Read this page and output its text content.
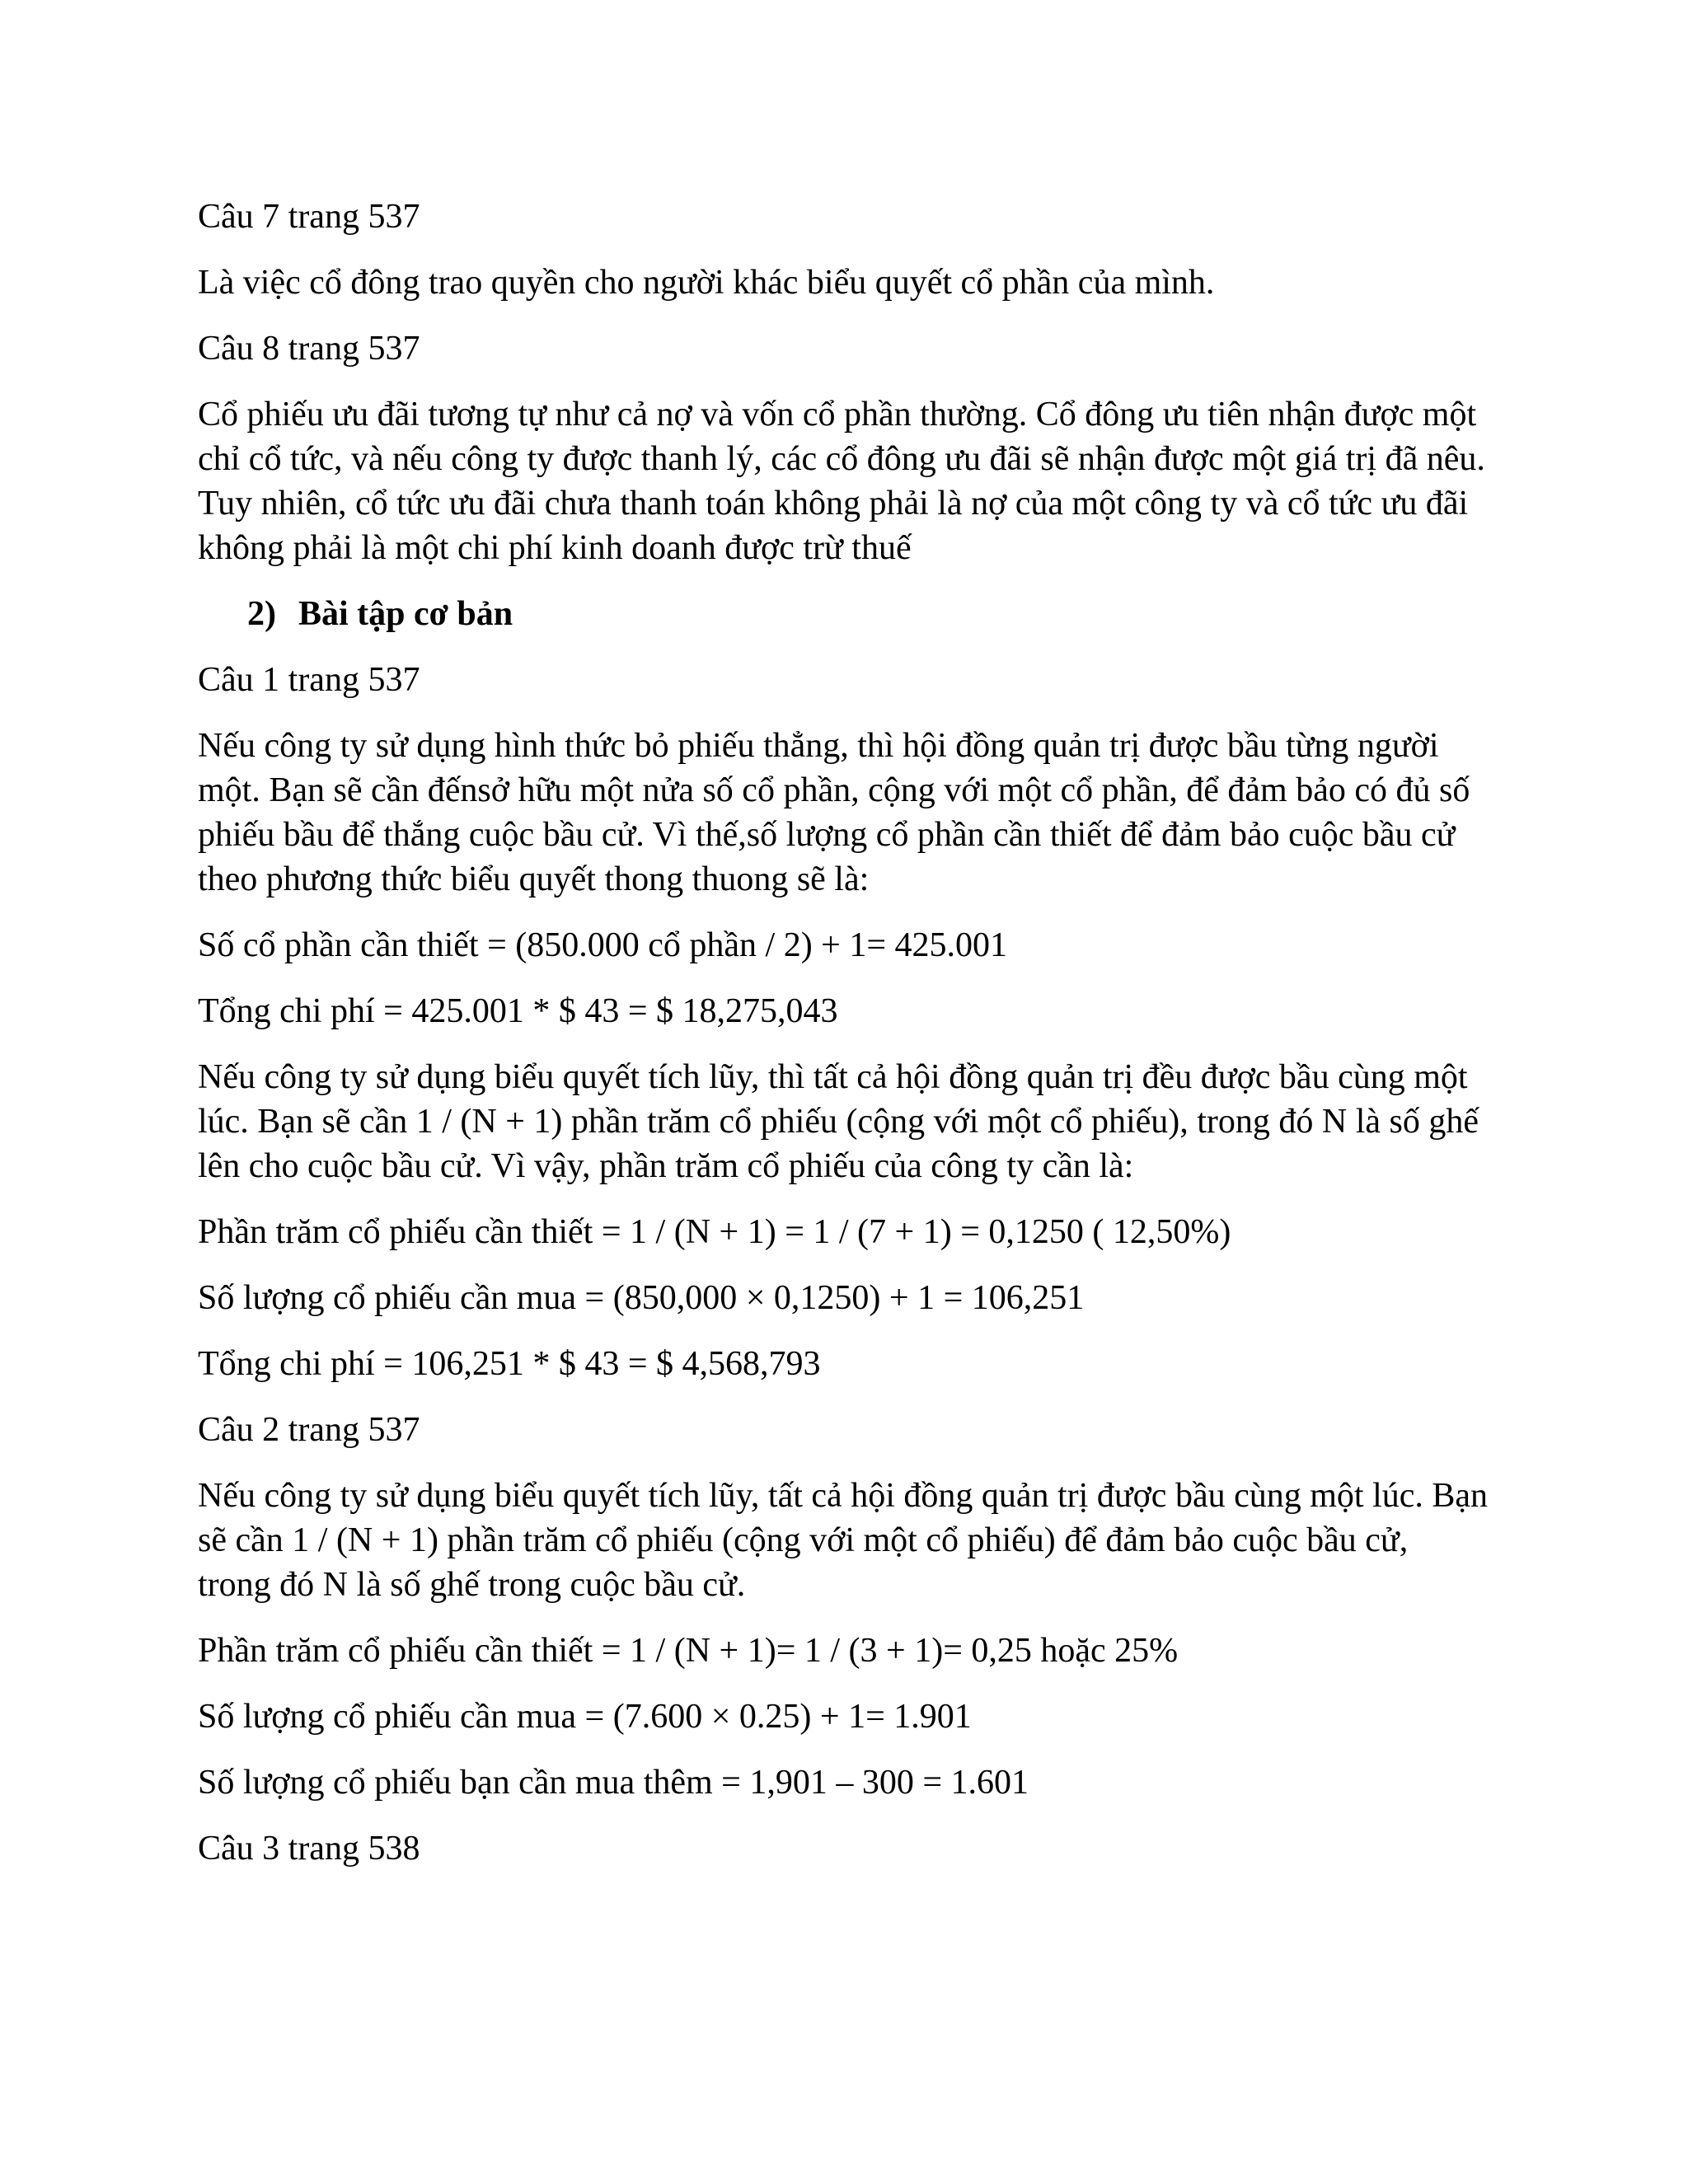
Câu 7 trang 537

Là việc cổ đông trao quyền cho người khác biểu quyết cổ phần của mình.

Câu 8 trang 537

Cổ phiếu ưu đãi tương tự như cả nợ và vốn cổ phần thường. Cổ đông ưu tiên nhận được một chỉ cổ tức, và nếu công ty được thanh lý, các cổ đông ưu đãi sẽ nhận được một giá trị đã nêu. Tuy nhiên, cổ tức ưu đãi chưa thanh toán không phải là nợ của một công ty và cổ tức ưu đãi không phải là một chi phí kinh doanh được trừ thuế

2) Bài tập cơ bản

Câu 1 trang 537

Nếu công ty sử dụng hình thức bỏ phiếu thẳng, thì hội đồng quản trị được bầu từng người một. Bạn sẽ cần đếnsở hữu một nửa số cổ phần, cộng với một cổ phần, để đảm bảo có đủ số phiếu bầu để thắng cuộc bầu cử. Vì thế,số lượng cổ phần cần thiết để đảm bảo cuộc bầu cử theo phương thức biểu quyết thong thuong sẽ là:

Số cổ phần cần thiết = (850.000 cổ phần / 2) + 1= 425.001

Tổng chi phí = 425.001 * $ 43 = $ 18,275,043

Nếu công ty sử dụng biểu quyết tích lũy, thì tất cả hội đồng quản trị đều được bầu cùng một lúc. Bạn sẽ cần 1 / (N + 1) phần trăm cổ phiếu (cộng với một cổ phiếu), trong đó N là số ghế lên cho cuộc bầu cử. Vì vậy, phần trăm cổ phiếu của công ty cần là:

Phần trăm cổ phiếu cần thiết = 1 / (N + 1) = 1 / (7 + 1) = 0,1250 ( 12,50%)

Số lượng cổ phiếu cần mua = (850,000 × 0,1250) + 1 = 106,251

Tổng chi phí = 106,251 * $ 43 = $ 4,568,793

Câu 2 trang 537

Nếu công ty sử dụng biểu quyết tích lũy, tất cả hội đồng quản trị được bầu cùng một lúc. Bạn sẽ cần 1 / (N + 1) phần trăm cổ phiếu (cộng với một cổ phiếu) để đảm bảo cuộc bầu cử, trong đó N là số ghế trong cuộc bầu cử.

Phần trăm cổ phiếu cần thiết = 1 / (N + 1)= 1 / (3 + 1)= 0,25 hoặc 25%

Số lượng cổ phiếu cần mua = (7.600 × 0.25) + 1= 1.901

Số lượng cổ phiếu bạn cần mua thêm = 1,901 – 300 = 1.601

Câu 3 trang 538
